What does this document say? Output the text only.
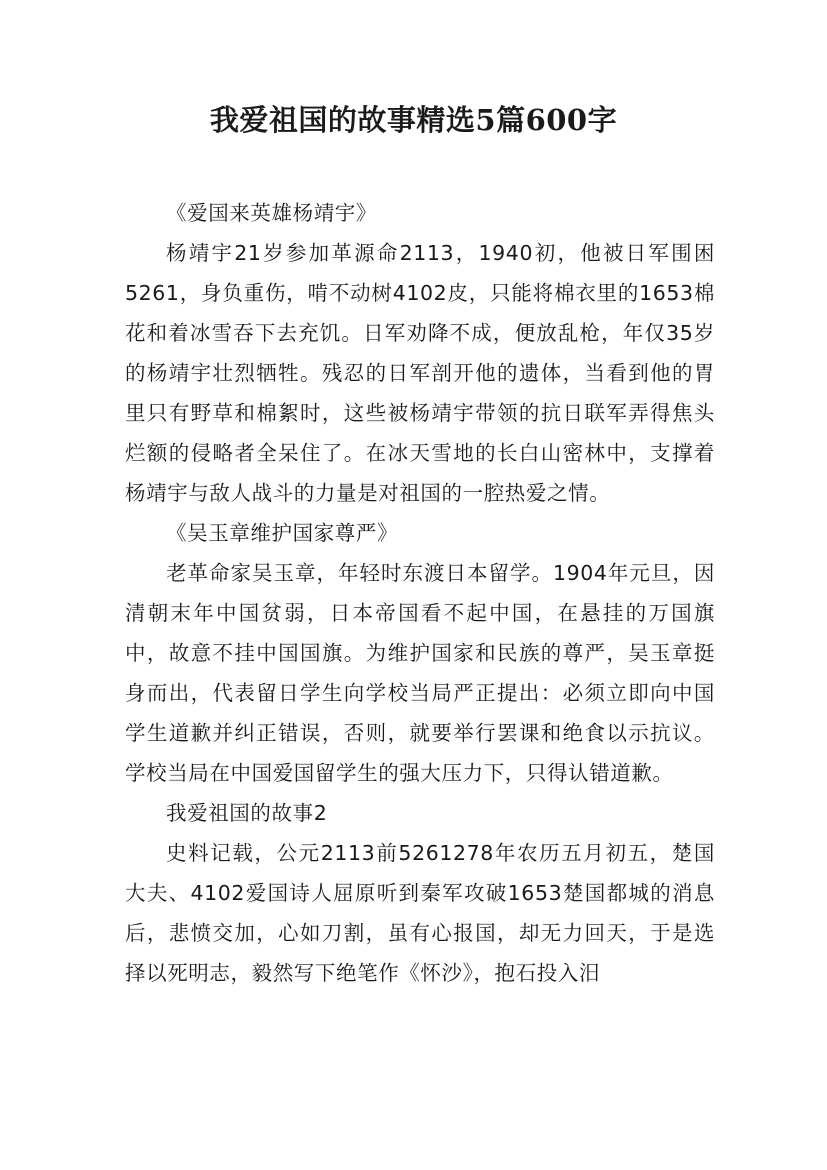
我爱祖国的故事精选5篇600字

《爱国来英雄杨靖宇》

杨靖宇21岁参加革源命2113，1940初，他被日军围困5261，身负重伤，啃不动树4102皮，只能将棉衣里的1653棉花和着冰雪吞下去充饥。日军劝降不成，便放乱枪，年仅35岁的杨靖宇壮烈牺牲。残忍的日军剖开他的遗体，当看到他的胃里只有野草和棉絮时，这些被杨靖宇带领的抗日联军弄得焦头烂额的侵略者全呆住了。在冰天雪地的长白山密林中，支撑着杨靖宇与敌人战斗的力量是对祖国的一腔热爱之情。

《吴玉章维护国家尊严》

老革命家吴玉章，年轻时东渡日本留学。1904年元旦，因清朝末年中国贫弱，日本帝国看不起中国，在悬挂的万国旗中，故意不挂中国国旗。为维护国家和民族的尊严，吴玉章挺身而出，代表留日学生向学校当局严正提出：必须立即向中国学生道歉并纠正错误，否则，就要举行罢课和绝食以示抗议。学校当局在中国爱国留学生的强大压力下，只得认错道歉。

我爱祖国的故事2

史料记载，公元2113前5261278年农历五月初五，楚国大夫、4102爱国诗人屈原听到秦军攻破1653楚国都城的消息后，悲愤交加，心如刀割，虽有心报国，却无力回天，于是选择以死明志，毅然写下绝笔作《怀沙》，抱石投入汨
